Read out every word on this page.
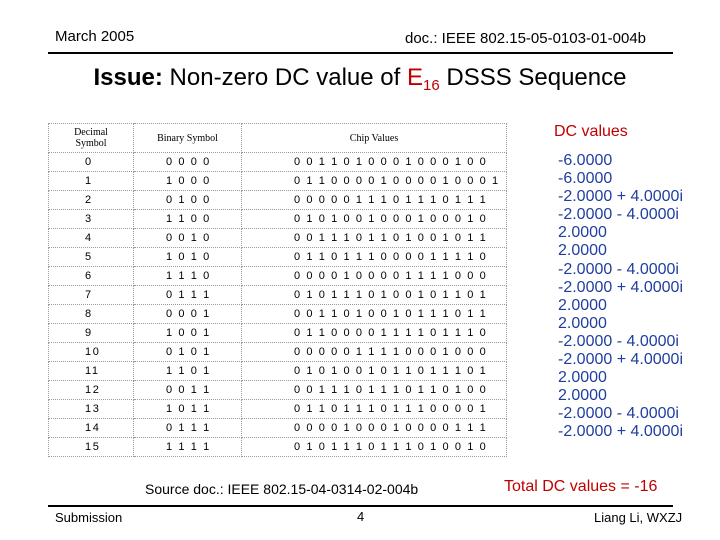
March 2005	doc.: IEEE 802.15-05-0103-01-004b
Issue: Non-zero DC value of $E_{16}$ DSSS Sequence
Decimal
Symbol	Binary Symbol	Chip Values
0	0 0 0 0	0 0 1 1 0 1 0 0 0 1 0 0 0 1 0 0
1	1 0 0 0	0 1 1 0 0 0 0 1 0 0 0 0 1 0 0 0 1
2	0 1 0 0	0 0 0 0 0 1 1 1 0 1 1 1 0 1 1 1
3	1 1 0 0	0 1 0 1 0 0 1 0 0 0 1 0 0 0 1 0
4	0 0 1 0	0 0 1 1 1 0 1 1 0 1 0 0 1 0 1 1
5	1 0 1 0	0 1 1 0 1 1 1 0 0 0 0 1 1 1 1 0
6	1 1 1 0	0 0 0 0 1 0 0 0 0 1 1 1 1 0 0 0
7	0 1 1 1	0 1 0 1 1 1 0 1 0 0 1 0 1 1 0 1
8	0 0 0 1	0 0 1 1 0 1 0 0 1 0 1 1 1 0 1 1
9	1 0 0 1	0 1 1 0 0 0 0 1 1 1 1 0 1 1 1 0
10	0 1 0 1	0 0 0 0 0 1 1 1 1 0 0 0 1 0 0 0
11	1 1 0 1	0 1 0 1 0 0 1 0 1 1 0 1 1 1 0 1
12	0 0 1 1	0 0 1 1 1 0 1 1 1 0 1 1 0 1 0 0
13	1 0 1 1	0 1 1 0 1 1 1 0 1 1 1 0 0 0 0 1
14	0 1 1 1	0 0 0 0 1 0 0 0 1 0 0 0 0 1 1 1
15	1 1 1 1	0 1 0 1 1 1 0 1 1 1 0 1 0 0 1 0
DC values
-6.0000
-6.0000
-2.0000 + 4.0000i
-2.0000 - 4.0000i
2.0000
2.0000
-2.0000 - 4.0000i
-2.0000 + 4.0000i
2.0000
2.0000
-2.0000 - 4.0000i
-2.0000 + 4.0000i
2.0000
2.0000
-2.0000 - 4.0000i
-2.0000 + 4.0000i
Source doc.: IEEE 802.15-04-0314-02-004b	Total DC values = -16
Submission	4	Liang Li, WXZJ
